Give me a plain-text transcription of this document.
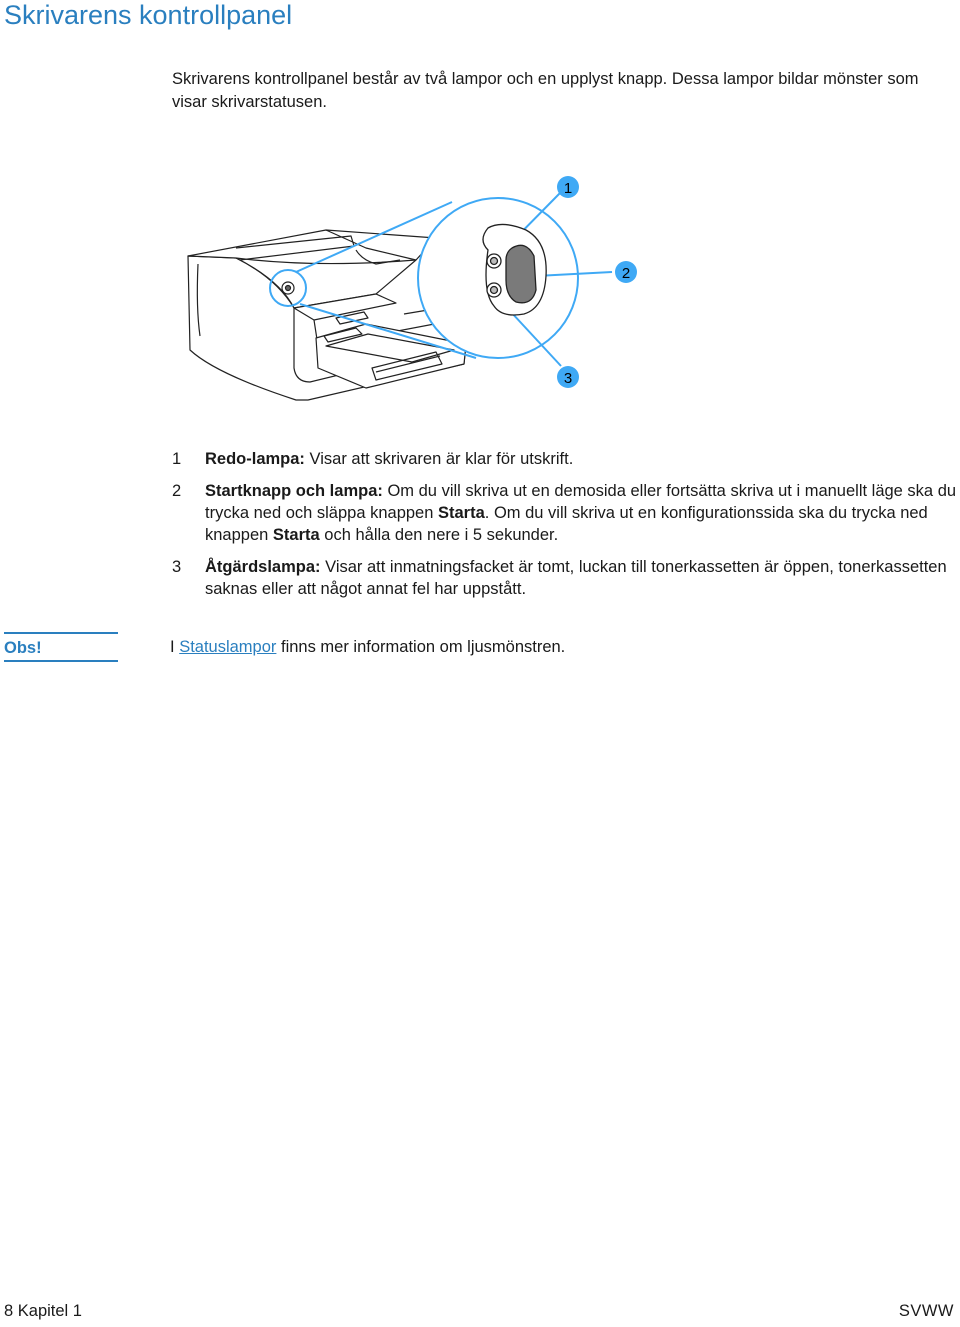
Skrivarens kontrollpanel

Skrivarens kontrollpanel består av två lampor och en upplyst knapp. Dessa lampor bildar mönster som visar skrivarstatusen.

1
2
3
1 Redo-lampa: Visar att skrivaren är klar för utskrift.
2 Startknapp och lampa: Om du vill skriva ut en demosida eller fortsätta skriva ut i manuellt läge ska du trycka ned och släppa knappen Starta. Om du vill skriva ut en konfigurationssida ska du trycka ned knappen Starta och hålla den nere i 5 sekunder.
3 Åtgärdslampa: Visar att inmatningsfacket är tomt, luckan till tonerkassetten är öppen, tonerkassetten saknas eller att något annat fel har uppstått.
Obs!	I Statuslampor finns mer information om ljusmönstren.
8 Kapitel 1	SVWW
